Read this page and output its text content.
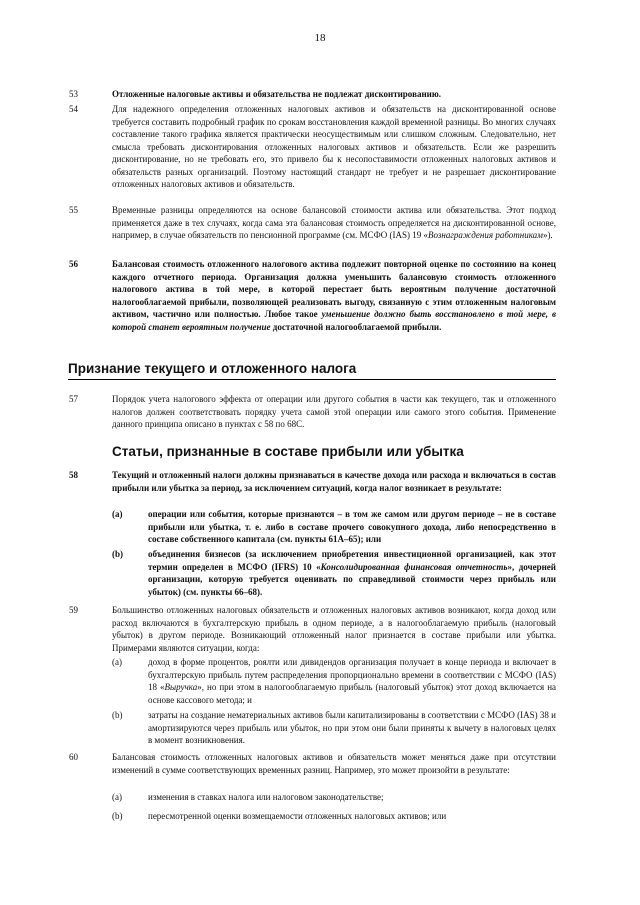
18
53	Отложенные налоговые активы и обязательства не подлежат дисконтированию.
54	Для надежного определения отложенных налоговых активов и обязательств на дисконтированной основе требуется составить подробный график по срокам восстановления каждой временной разницы. Во многих случаях составление такого графика является практически неосуществимым или слишком сложным. Следовательно, нет смысла требовать дисконтирования отложенных налоговых активов и обязательств. Если же разрешить дисконтирование, но не требовать его, это привело бы к несопоставимости отложенных налоговых активов и обязательств разных организаций. Поэтому настоящий стандарт не требует и не разрешает дисконтирование отложенных налоговых активов и обязательств.
55	Временные разницы определяются на основе балансовой стоимости актива или обязательства. Этот подход применяется даже в тех случаях, когда сама эта балансовая стоимость определяется на дисконтированной основе, например, в случае обязательств по пенсионной программе (см. МСФО (IAS) 19 «Вознаграждения работникам»).
56	Балансовая стоимость отложенного налогового актива подлежит повторной оценке по состоянию на конец каждого отчетного периода. Организация должна уменьшить балансовую стоимость отложенного налогового актива в той мере, в которой перестает быть вероятным получение достаточной налогооблагаемой прибыли, позволяющей реализовать выгоду, связанную с этим отложенным налоговым активом, частично или полностью. Любое такое уменьшение должно быть восстановлено в той мере, в которой станет вероятным получение достаточной налогооблагаемой прибыли.
Признание текущего и отложенного налога
57	Порядок учета налогового эффекта от операции или другого события в части как текущего, так и отложенного налогов должен соответствовать порядку учета самой этой операции или самого этого события. Применение данного принципа описано в пунктах с 58 по 68С.
Статьи, признанные в составе прибыли или убытка
58	Текущий и отложенный налоги должны признаваться в качестве дохода или расхода и включаться в состав прибыли или убытка за период, за исключением ситуаций, когда налог возникает в результате:
(a)	операции или события, которые признаются – в том же самом или другом периоде – не в составе прибыли или убытка, т. е. либо в составе прочего совокупного дохода, либо непосредственно в составе собственного капитала (см. пункты 61А–65); или
(b)	объединения бизнесов (за исключением приобретения инвестиционной организацией, как этот термин определен в МСФО (IFRS) 10 «Консолидированная финансовая отчетность», дочерней организации, которую требуется оценивать по справедливой стоимости через прибыль или убыток) (см. пункты 66–68).
59	Большинство отложенных налоговых обязательств и отложенных налоговых активов возникают, когда доход или расход включаются в бухгалтерскую прибыль в одном периоде, а в налогооблагаемую прибыль (налоговый убыток) в другом периоде. Возникающий отложенный налог признается в составе прибыли или убытка. Примерами являются ситуации, когда:
(a)	доход в форме процентов, роялти или дивидендов организация получает в конце периода и включает в бухгалтерскую прибыль путем распределения пропорционально времени в соответствии с МСФО (IAS) 18 «Выручка», но при этом в налогооблагаемую прибыль (налоговый убыток) этот доход включается на основе кассового метода; и
(b)	затраты на создание нематериальных активов были капитализированы в соответствии с МСФО (IAS) 38 и амортизируются через прибыль или убыток, но при этом они были приняты к вычету в налоговых целях в момент возникновения.
60	Балансовая стоимость отложенных налоговых активов и обязательств может меняться даже при отсутствии изменений в сумме соответствующих временных разниц. Например, это может произойти в результате:
(a)	изменения в ставках налога или налоговом законодательстве;
(b)	пересмотренной оценки возмещаемости отложенных налоговых активов; или
